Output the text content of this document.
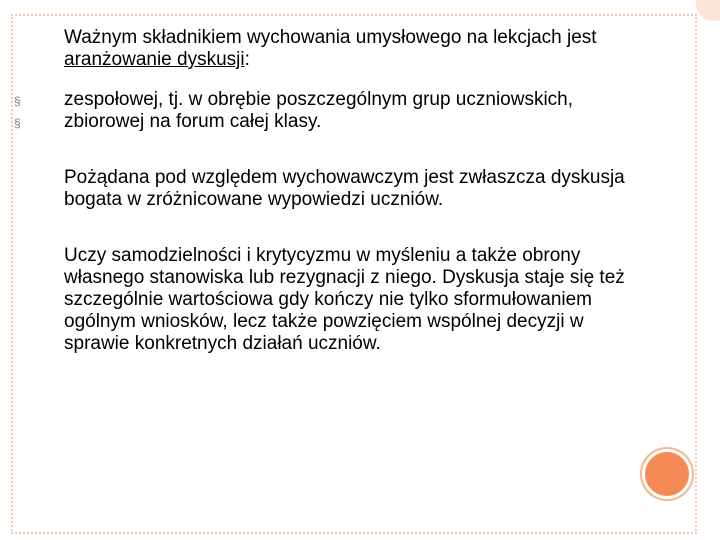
Ważnym składnikiem wychowania umysłowego na lekcjach jest aranżowanie dyskusji:

§ zespołowej, tj. w obrębie poszczególnym grup uczniowskich,
§ zbiorowej na forum całej klasy.

Pożądana pod względem wychowawczym jest zwłaszcza dyskusja bogata w zróżnicowane wypowiedzi uczniów.

Uczy samodzielności i krytycyzmu w myśleniu a także obrony własnego stanowiska lub rezygnacji z niego. Dyskusja staje się też szczególnie wartościowa gdy kończy nie tylko sformułowaniem ogólnym wniosków, lecz także powzięciem wspólnej decyzji w sprawie konkretnych działań uczniów.
